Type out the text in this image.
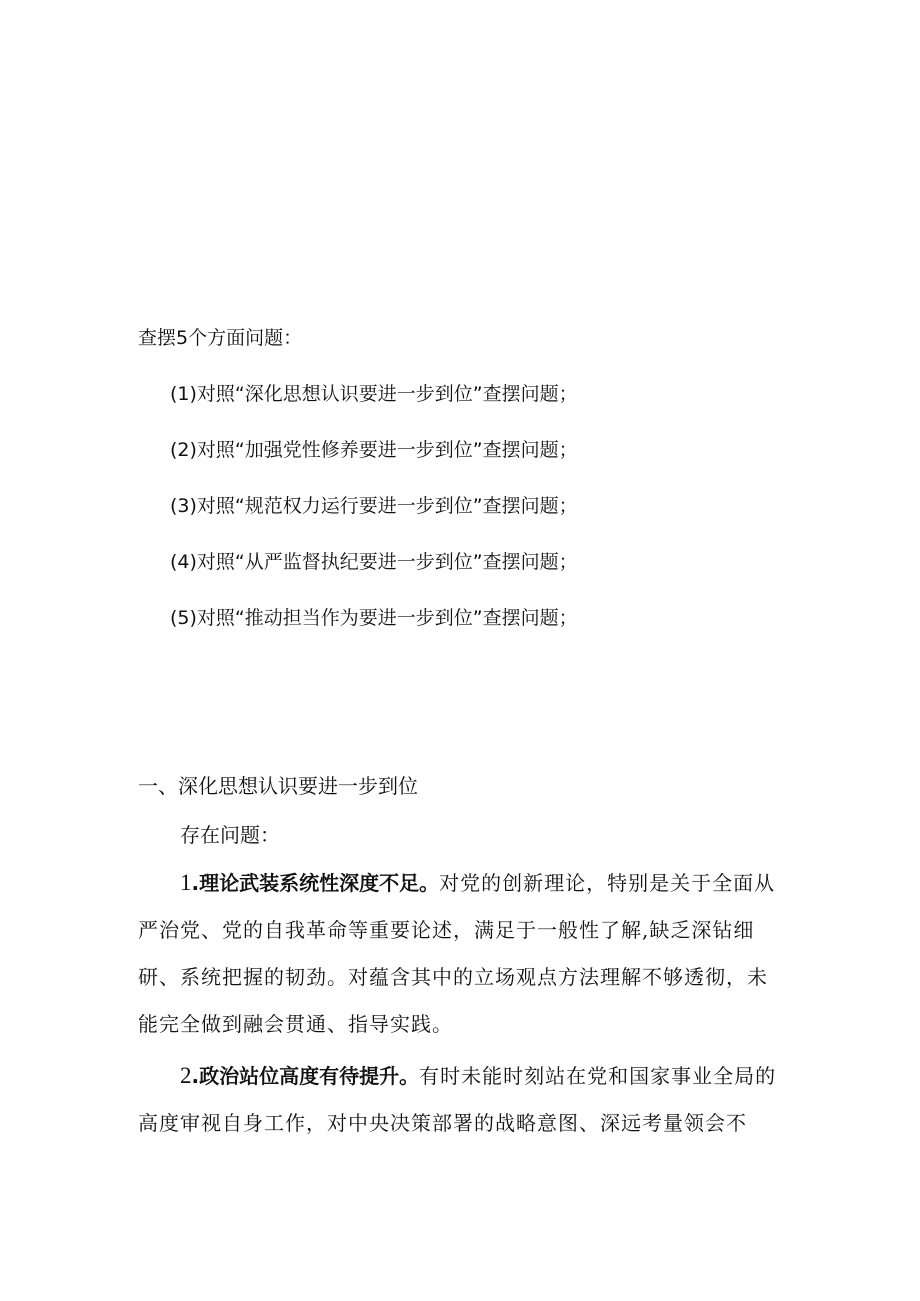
查摆5个方面问题：
(1)对照“深化思想认识要进一步到位”查摆问题；
(2)对照“加强党性修养要进一步到位”查摆问题；
(3)对照“规范权力运行要进一步到位”查摆问题；
(4)对照“从严监督执纪要进一步到位”查摆问题；
(5)对照“推动担当作为要进一步到位”查摆问题；
一、深化思想认识要进一步到位
存在问题：

1.理论武装系统性深度不足。对党的创新理论，特别是关于全面从严治党、党的自我革命等重要论述，满足于一般性了解,缺乏深钻细研、系统把握的韧劲。对蕴含其中的立场观点方法理解不够透彻，未能完全做到融会贯通、指导实践。

2.政治站位高度有待提升。有时未能时刻站在党和国家事业全局的高度审视自身工作，对中央决策部署的战略意图、深远考量领会不
